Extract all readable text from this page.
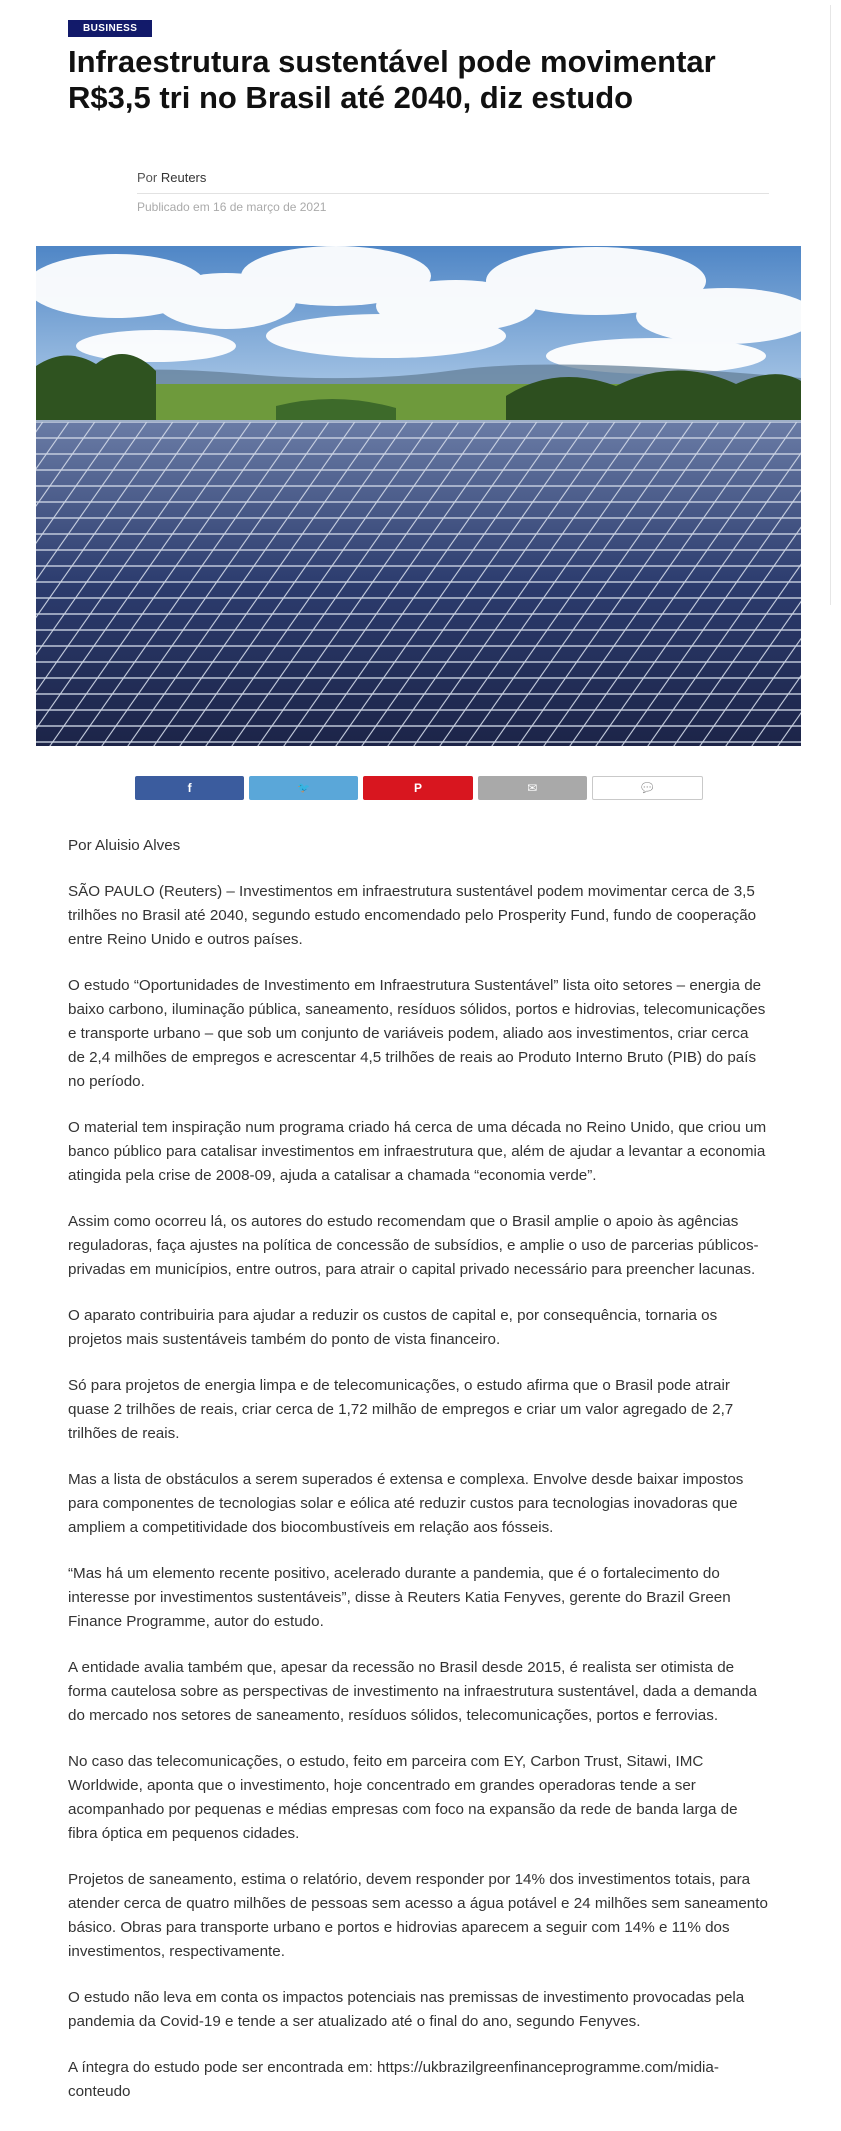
BUSINESS
Infraestrutura sustentável pode movimentar R$3,5 tri no Brasil até 2040, diz estudo
Por Reuters
Publicado em 16 de março de 2021
f	🐦	P	✉	💬

Por Aluisio Alves

SÃO PAULO (Reuters) – Investimentos em infraestrutura sustentável podem movimentar cerca de 3,5 trilhões no Brasil até 2040, segundo estudo encomendado pelo Prosperity Fund, fundo de cooperação entre Reino Unido e outros países.

O estudo “Oportunidades de Investimento em Infraestrutura Sustentável” lista oito setores – energia de baixo carbono, iluminação pública, saneamento, resíduos sólidos, portos e hidrovias, telecomunicações e transporte urbano – que sob um conjunto de variáveis podem, aliado aos investimentos, criar cerca de 2,4 milhões de empregos e acrescentar 4,5 trilhões de reais ao Produto Interno Bruto (PIB) do país no período.

O material tem inspiração num programa criado há cerca de uma década no Reino Unido, que criou um banco público para catalisar investimentos em infraestrutura que, além de ajudar a levantar a economia atingida pela crise de 2008-09, ajuda a catalisar a chamada “economia verde”.

Assim como ocorreu lá, os autores do estudo recomendam que o Brasil amplie o apoio às agências reguladoras, faça ajustes na política de concessão de subsídios, e amplie o uso de parcerias públicos-privadas em municípios, entre outros, para atrair o capital privado necessário para preencher lacunas.

O aparato contribuiria para ajudar a reduzir os custos de capital e, por consequência, tornaria os projetos mais sustentáveis também do ponto de vista financeiro.

Só para projetos de energia limpa e de telecomunicações, o estudo afirma que o Brasil pode atrair quase 2 trilhões de reais, criar cerca de 1,72 milhão de empregos e criar um valor agregado de 2,7 trilhões de reais.

Mas a lista de obstáculos a serem superados é extensa e complexa. Envolve desde baixar impostos para componentes de tecnologias solar e eólica até reduzir custos para tecnologias inovadoras que ampliem a competitividade dos biocombustíveis em relação aos fósseis.

“Mas há um elemento recente positivo, acelerado durante a pandemia, que é o fortalecimento do interesse por investimentos sustentáveis”, disse à Reuters Katia Fenyves, gerente do Brazil Green Finance Programme, autor do estudo.

A entidade avalia também que, apesar da recessão no Brasil desde 2015, é realista ser otimista de forma cautelosa sobre as perspectivas de investimento na infraestrutura sustentável, dada a demanda do mercado nos setores de saneamento, resíduos sólidos, telecomunicações, portos e ferrovias.

No caso das telecomunicações, o estudo, feito em parceira com EY, Carbon Trust, Sitawi, IMC Worldwide, aponta que o investimento, hoje concentrado em grandes operadoras tende a ser acompanhado por pequenas e médias empresas com foco na expansão da rede de banda larga de fibra óptica em pequenos cidades.

Projetos de saneamento, estima o relatório, devem responder por 14% dos investimentos totais, para atender cerca de quatro milhões de pessoas sem acesso a água potável e 24 milhões sem saneamento básico. Obras para transporte urbano e portos e hidrovias aparecem a seguir com 14% e 11% dos investimentos, respectivamente.

O estudo não leva em conta os impactos potenciais nas premissas de investimento provocadas pela pandemia da Covid-19 e tende a ser atualizado até o final do ano, segundo Fenyves.

A íntegra do estudo pode ser encontrada em: https://ukbrazilgreenfinanceprogramme.com/midia-conteudo
